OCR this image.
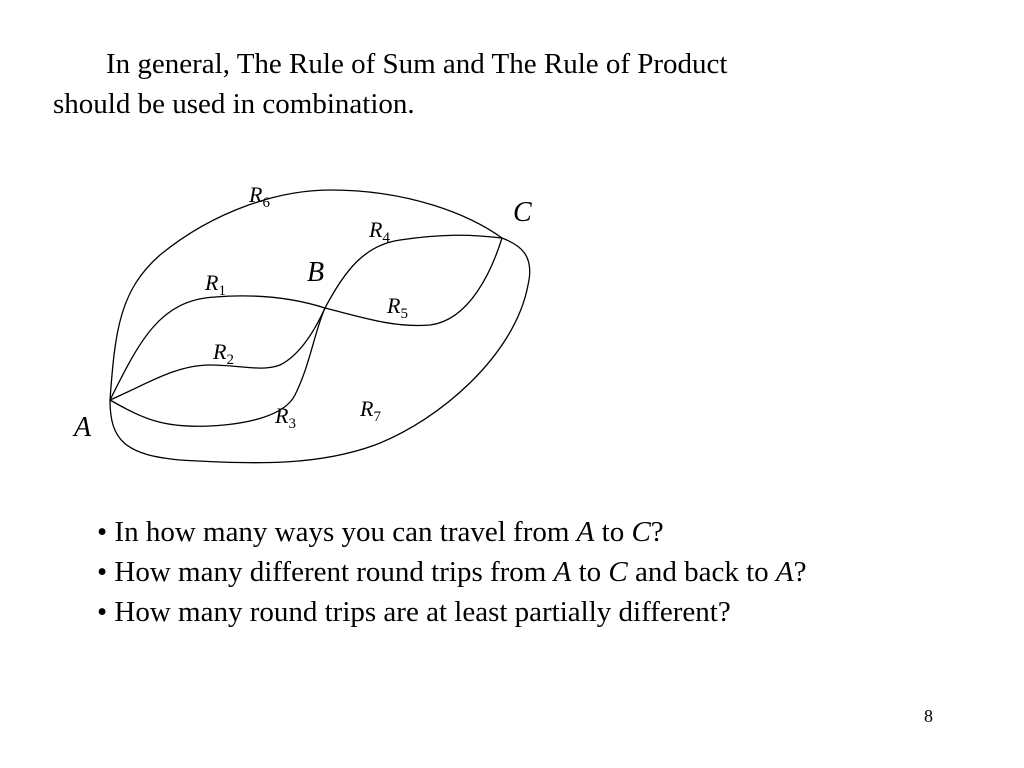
In general, The Rule of Sum and The Rule of Product
should be used in combination.

A
B
C
$R_1$
$R_2$
$R_3$
$R_4$
$R_5$
$R_6$
$R_7$
• In how many ways you can travel from A to C?
• How many different round trips from A to C and back to A?
• How many round trips are at least partially different?
8
